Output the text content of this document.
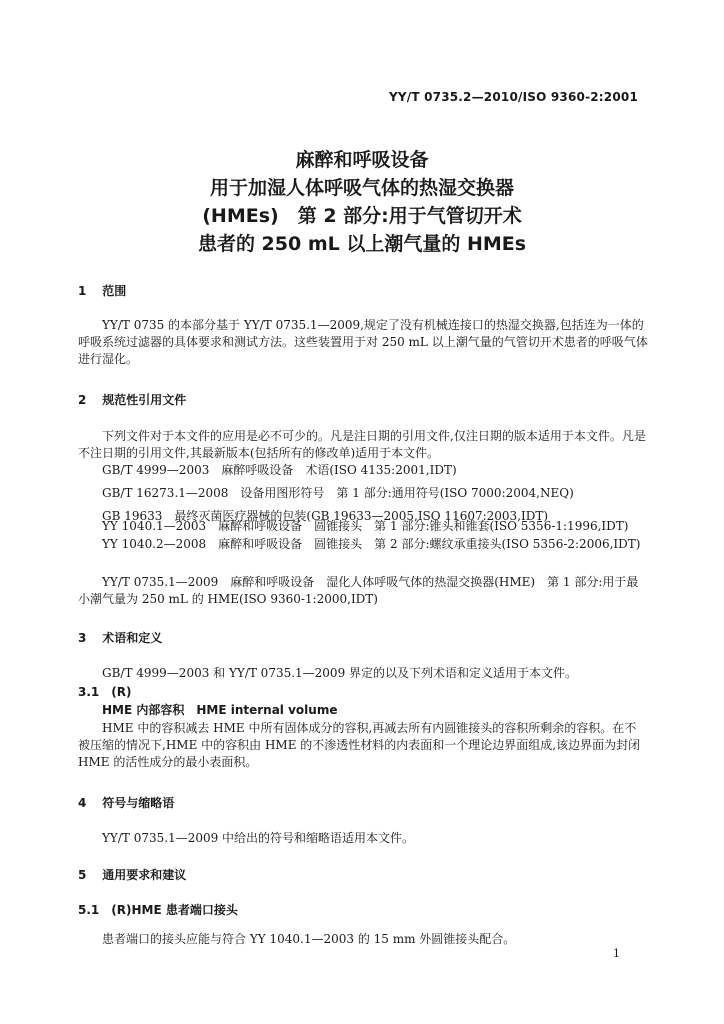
YY/T 0735.2—2010/ISO 9360-2:2001
麻醉和呼吸设备
用于加湿人体呼吸气体的热湿交换器
(HMEs)　第 2 部分:用于气管切开术
患者的 250 mL 以上潮气量的 HMEs
1 范围
YY/T 0735 的本部分基于 YY/T 0735.1—2009,规定了没有机械连接口的热湿交换器,包括连为一体的呼吸系统过滤器的具体要求和测试方法。这些装置用于对 250 mL 以上潮气量的气管切开术患者的呼吸气体进行湿化。
2 规范性引用文件
下列文件对于本文件的应用是必不可少的。凡是注日期的引用文件,仅注日期的版本适用于本文件。凡是不注日期的引用文件,其最新版本(包括所有的修改单)适用于本文件。
GB/T 4999—2003　麻醉呼吸设备　术语(ISO 4135:2001,IDT)
GB/T 16273.1—2008　设备用图形符号　第 1 部分:通用符号(ISO 7000:2004,NEQ)
GB 19633　最终灭菌医疗器械的包装(GB 19633—2005,ISO 11607:2003,IDT)
YY 1040.1—2003　麻醉和呼吸设备　圆锥接头　第 1 部分:锥头和锥套(ISO 5356-1:1996,IDT)
YY 1040.2—2008　麻醉和呼吸设备　圆锥接头　第 2 部分:螺纹承重接头(ISO 5356-2:2006,IDT)
YY/T 0735.1—2009　麻醉和呼吸设备　湿化人体呼吸气体的热湿交换器(HME)　第 1 部分:用于最小潮气量为 250 mL 的 HME(ISO 9360-1:2000,IDT)
3 术语和定义
GB/T 4999—2003 和 YY/T 0735.1—2009 界定的以及下列术语和定义适用于本文件。
3.1　(R)
HME 内部容积　HME internal volume
HME 中的容积减去 HME 中所有固体成分的容积,再减去所有内圆锥接头的容积所剩余的容积。在不被压缩的情况下,HME 中的容积由 HME 的不渗透性材料的内表面和一个理论边界面组成,该边界面为封闭 HME 的活性成分的最小表面积。
4 符号与缩略语
YY/T 0735.1—2009 中给出的符号和缩略语适用本文件。
5 通用要求和建议
5.1　(R)HME 患者端口接头
患者端口的接头应能与符合 YY 1040.1—2003 的 15 mm 外圆锥接头配合。
1
